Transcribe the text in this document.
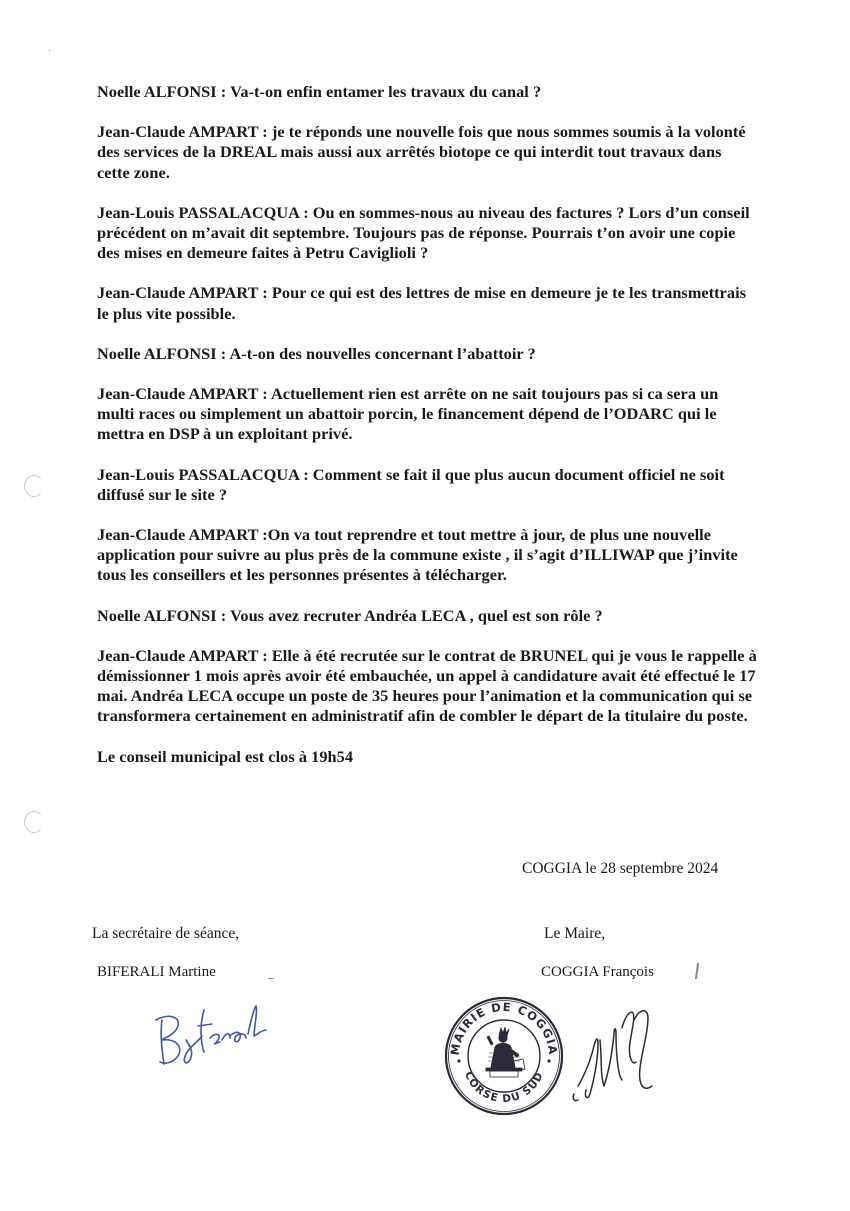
ˎ

Noelle ALFONSI : Va-t-on enfin entamer les travaux du canal ?

Jean-Claude AMPART : je te réponds une nouvelle fois que nous sommes soumis à la volonté des services de la DREAL mais aussi aux arrêtés biotope ce qui interdit tout travaux dans cette zone.

Jean-Louis PASSALACQUA : Ou en sommes-nous au niveau des factures ? Lors d’un conseil précédent on m’avait dit septembre. Toujours pas de réponse. Pourrais t’on avoir une copie des mises en demeure faites à Petru Caviglioli ?

Jean-Claude AMPART : Pour ce qui est des lettres de mise en demeure je te les transmettrais le plus vite possible.

Noelle ALFONSI : A-t-on des nouvelles concernant l’abattoir ?

Jean-Claude AMPART : Actuellement rien est arrête on ne sait toujours pas si ca sera un multi races ou simplement un abattoir porcin, le financement dépend de l’ODARC qui le mettra en DSP à un exploitant privé.

Jean-Louis PASSALACQUA : Comment se fait il que plus aucun document officiel ne soit diffusé sur le site ?

Jean-Claude AMPART :On va tout reprendre et tout mettre à jour, de plus une nouvelle application pour suivre au plus près de la commune existe , il s’agit d’ILLIWAP que j’invite tous les conseillers et les personnes présentes à télécharger.

Noelle ALFONSI : Vous avez recruter Andréa LECA , quel est son rôle ?

Jean-Claude AMPART : Elle à été recrutée sur le contrat de BRUNEL qui je vous le rappelle à démissionner 1 mois après avoir été embauchée, un appel à candidature avait été effectué le 17 mai. Andréa LECA occupe un poste de 35 heures pour l’animation et la communication qui se transformera certainement en administratif afin de combler le départ de la titulaire du poste.

Le conseil municipal est clos à 19h54

COGGIA le 28 septembre 2024
La secrétaire de séance,
BIFERALI Martine
Le Maire,
COGGIA François
MAIRIE DE COGGIA
CORSE DU SUD
